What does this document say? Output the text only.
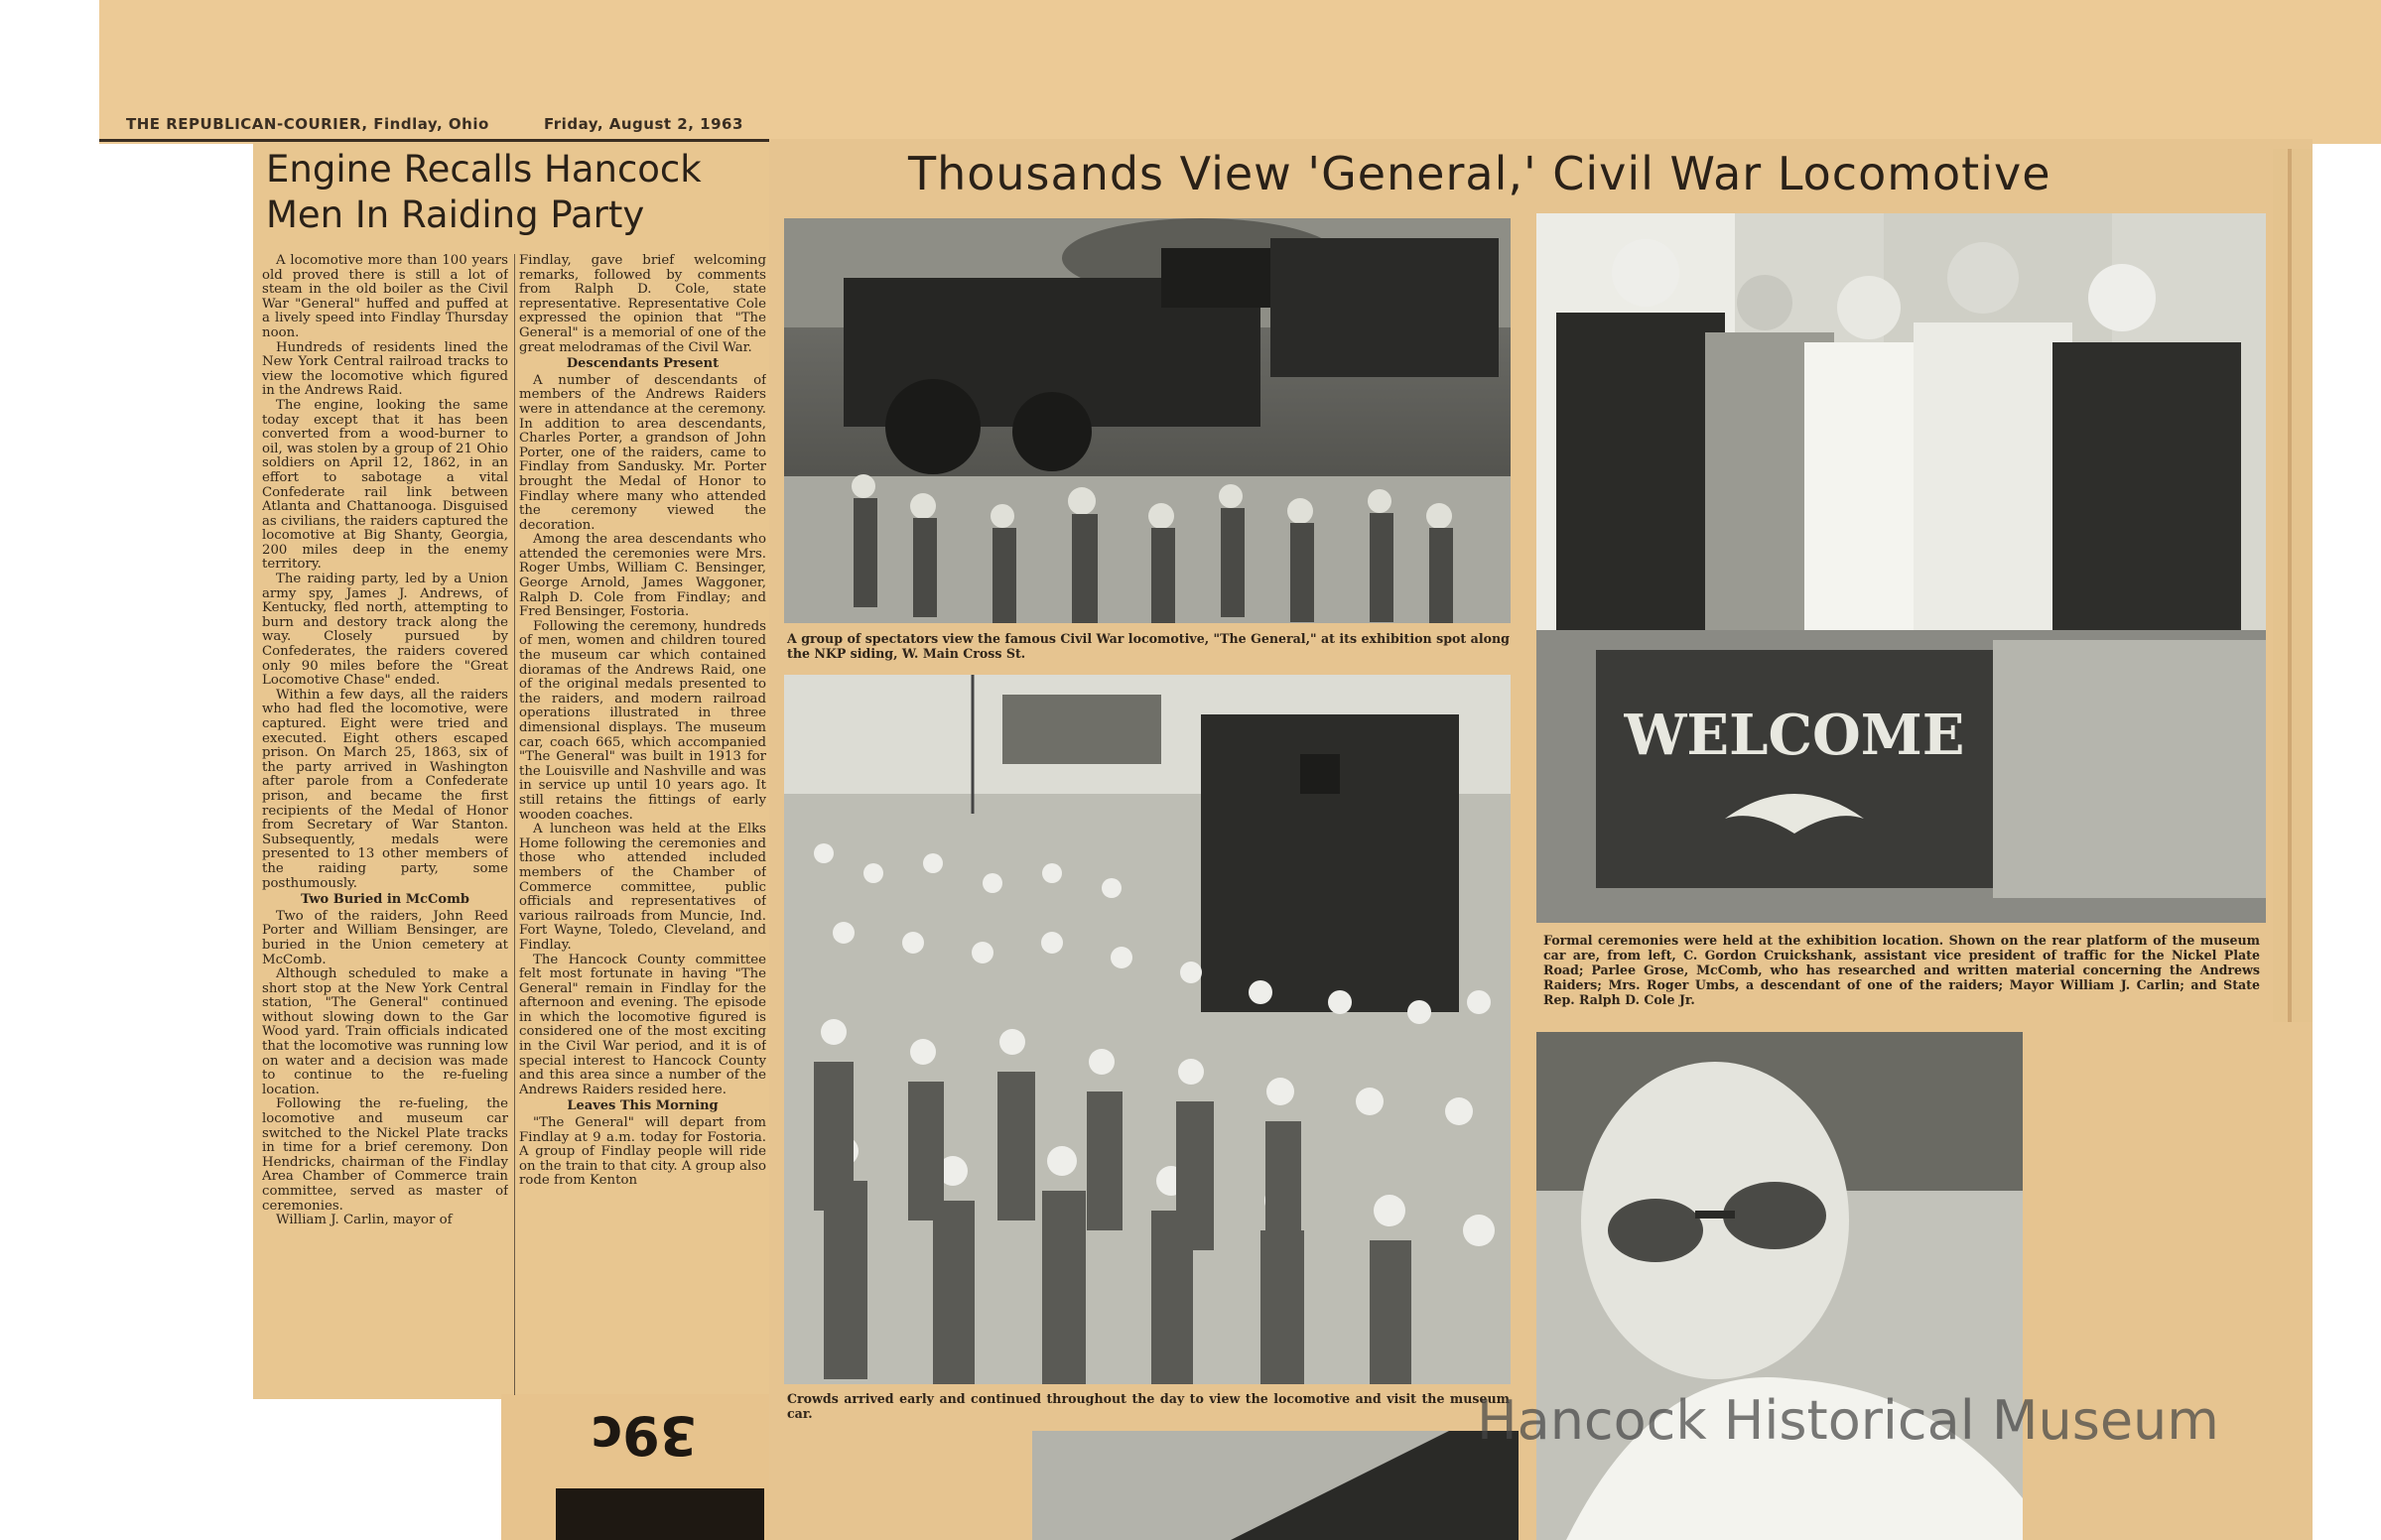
THE REPUBLICAN-COURIER, Findlay, Ohio	Friday, August 2, 1963
Engine Recalls Hancock
Men In Raiding Party

A locomotive more than 100 years old proved there is still a lot of steam in the old boiler as the Civil War "General" huffed and puffed at a lively speed into Findlay Thursday noon.

Hundreds of residents lined the New York Central railroad tracks to view the locomotive which figured in the Andrews Raid.

The engine, looking the same today except that it has been converted from a wood-burner to oil, was stolen by a group of 21 Ohio soldiers on April 12, 1862, in an effort to sabotage a vital Confederate rail link between Atlanta and Chattanooga. Disguised as civilians, the raiders captured the locomotive at Big Shanty, Georgia, 200 miles deep in the enemy territory.

The raiding party, led by a Union army spy, James J. Andrews, of Kentucky, fled north, attempting to burn and destory track along the way. Closely pursued by Confederates, the raiders covered only 90 miles before the "Great Locomotive Chase" ended.

Within a few days, all the raiders who had fled the locomotive, were captured. Eight were tried and executed. Eight others escaped prison. On March 25, 1863, six of the party arrived in Washington after parole from a Confederate prison, and became the first recipients of the Medal of Honor from Secretary of War Stanton. Subsequently, medals were presented to 13 other members of the raiding party, some posthumously.

Two Buried in McComb

Two of the raiders, John Reed Porter and William Bensinger, are buried in the Union cemetery at McComb.

Although scheduled to make a short stop at the New York Central station, "The General" continued without slowing down to the Gar Wood yard. Train officials indicated that the locomotive was running low on water and a decision was made to continue to the re-fueling location.

Following the re-fueling, the locomotive and museum car switched to the Nickel Plate tracks in time for a brief ceremony. Don Hendricks, chairman of the Findlay Area Chamber of Commerce train committee, served as master of ceremonies.

William J. Carlin, mayor of

Findlay, gave brief welcoming remarks, followed by comments from Ralph D. Cole, state representative. Representative Cole expressed the opinion that "The General" is a memorial of one of the great melodramas of the Civil War.

Descendants Present

A number of descendants of members of the Andrews Raiders were in attendance at the ceremony. In addition to area descendants, Charles Porter, a grandson of John Porter, one of the raiders, came to Findlay from Sandusky. Mr. Porter brought the Medal of Honor to Findlay where many who attended the ceremony viewed the decoration.

Among the area descendants who attended the ceremonies were Mrs. Roger Umbs, William C. Bensinger, George Arnold, James Waggoner, Ralph D. Cole from Findlay; and Fred Bensinger, Fostoria.

Following the ceremony, hundreds of men, women and children toured the museum car which contained dioramas of the Andrews Raid, one of the original medals presented to the raiders, and modern railroad operations illustrated in three dimensional displays. The museum car, coach 665, which accompanied "The General" was built in 1913 for the Louisville and Nashville and was in service up until 10 years ago. It still retains the fittings of early wooden coaches.

A luncheon was held at the Elks Home following the ceremonies and those who attended included members of the Chamber of Commerce committee, public officials and representatives of various railroads from Muncie, Ind. Fort Wayne, Toledo, Cleveland, and Findlay.

The Hancock County committee felt most fortunate in having "The General" remain in Findlay for the afternoon and evening. The episode in which the locomotive figured is considered one of the most exciting in the Civil War period, and it is of special interest to Hancock County and this area since a number of the Andrews Raiders resided here.

Leaves This Morning

"The General" will depart from Findlay at 9 a.m. today for Fostoria. A group of Findlay people will ride on the train to that city. A group also rode from Kenton

39c
Thousands View 'General,' Civil War Locomotive
A group of spectators view the famous Civil War locomotive, "The General," at its exhibition spot along the NKP siding, W. Main Cross St.
Crowds arrived early and continued throughout the day to view the locomotive and visit the museum car.
WELCOME
Formal ceremonies were held at the exhibition location. Shown on the rear platform of the museum car are, from left, C. Gordon Cruickshank, assistant vice president of traffic for the Nickel Plate Road; Parlee Grose, McComb, who has researched and written material concerning the Andrews Raiders; Mrs. Roger Umbs, a descendant of one of the raiders; Mayor William J. Carlin; and State Rep. Ralph D. Cole Jr.
Hancock Historical Museum
